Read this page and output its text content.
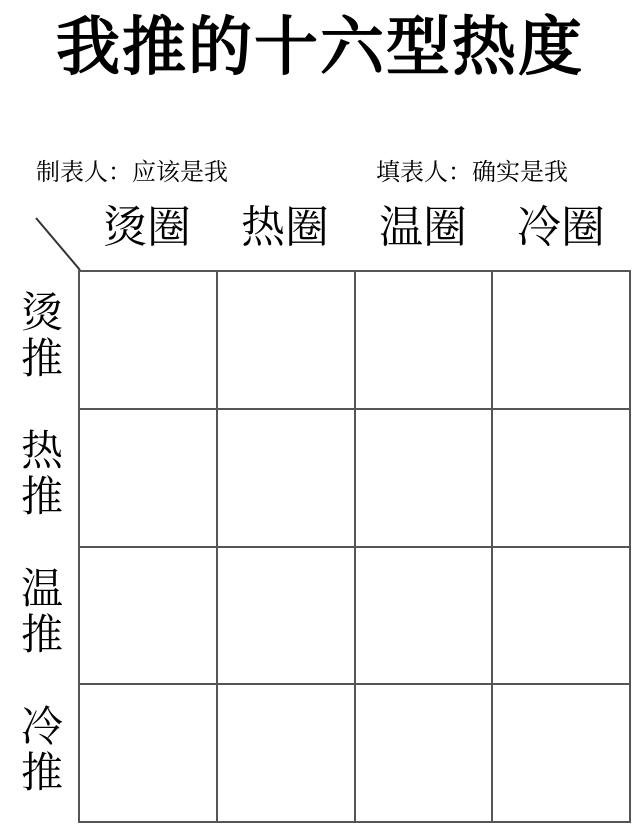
我推的十六型热度
制表人：应该是我	填表人：确实是我
烫圈	热圈	温圈	冷圈
烫推
热推
温推
冷推
